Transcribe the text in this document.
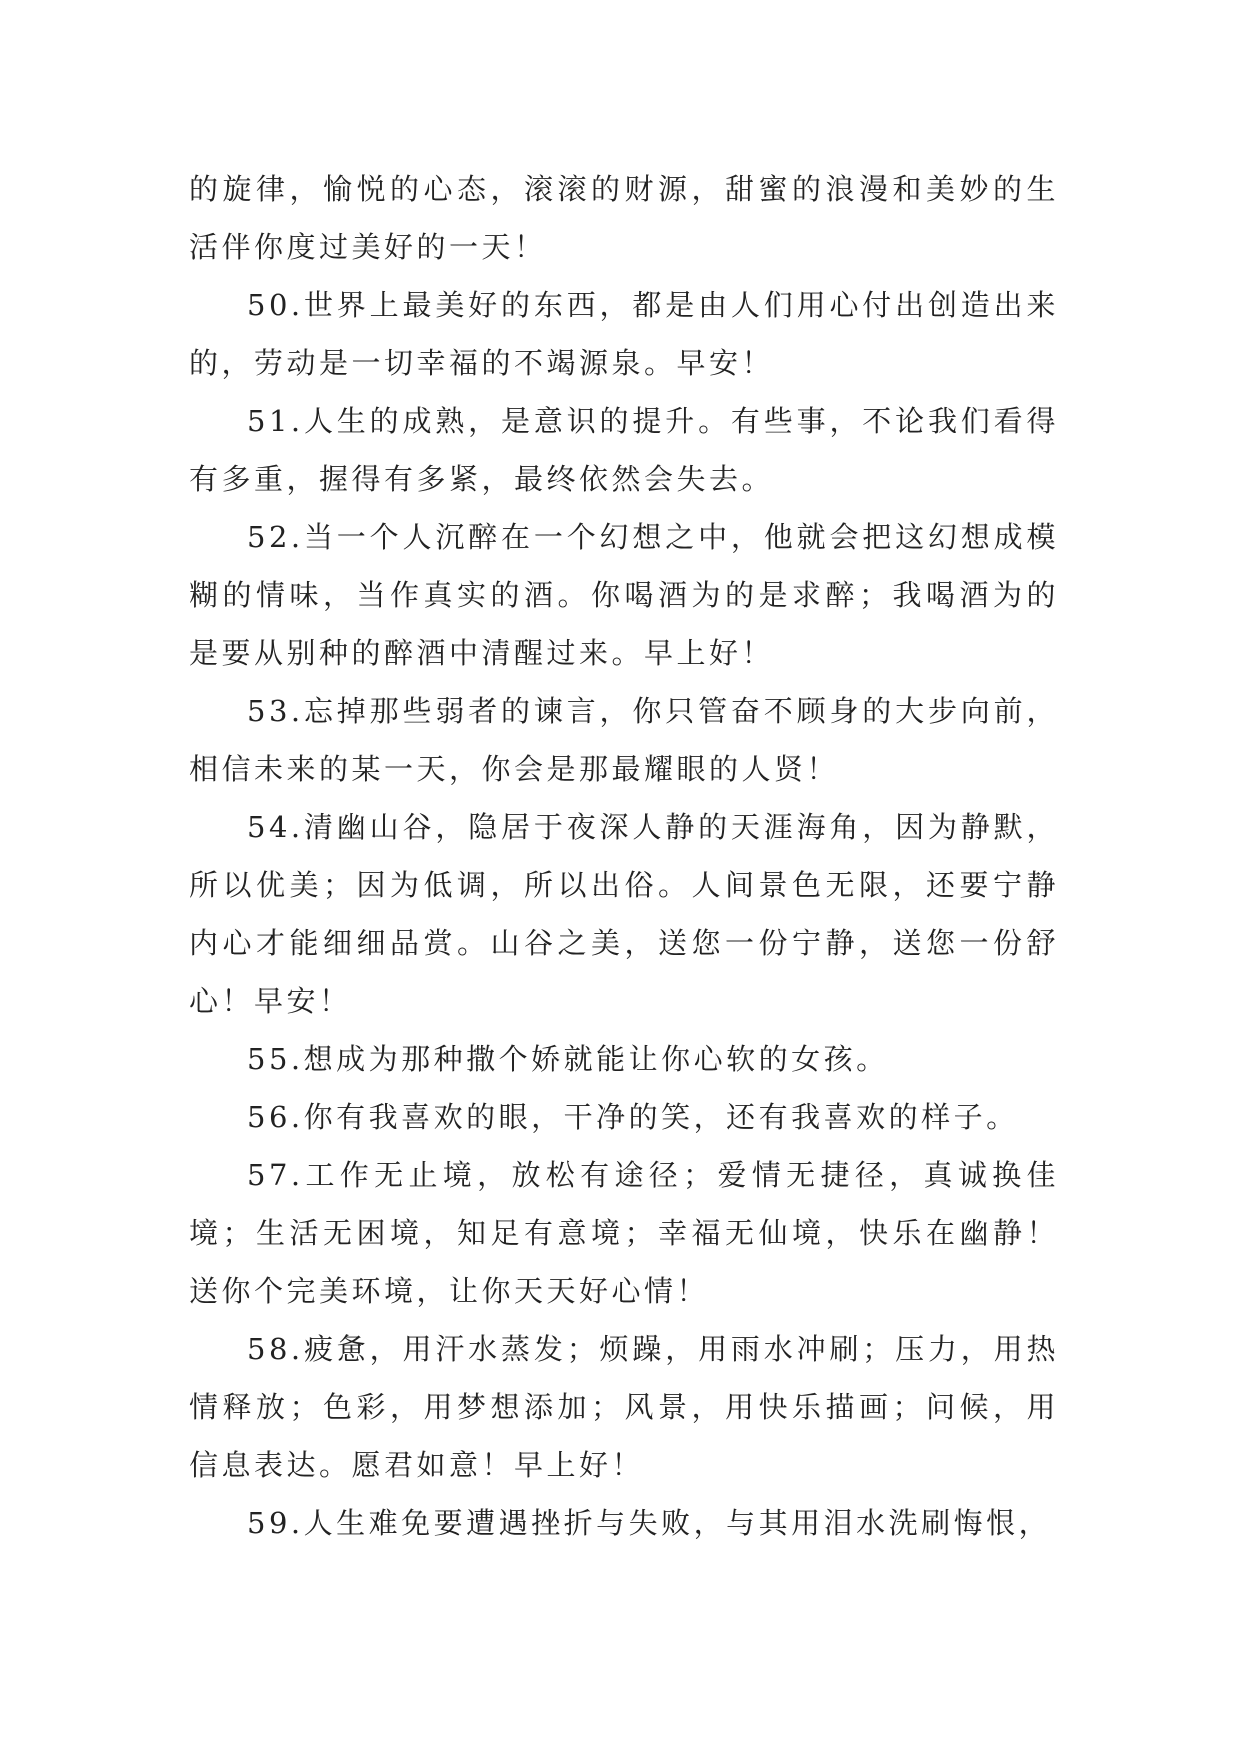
的旋律，愉悦的心态，滚滚的财源，甜蜜的浪漫和美妙的生活伴你度过美好的一天！

50.世界上最美好的东西，都是由人们用心付出创造出来的，劳动是一切幸福的不竭源泉。早安！

51.人生的成熟，是意识的提升。有些事，不论我们看得有多重，握得有多紧，最终依然会失去。

52.当一个人沉醉在一个幻想之中，他就会把这幻想成模糊的情味，当作真实的酒。你喝酒为的是求醉；我喝酒为的是要从别种的醉酒中清醒过来。早上好！

53.忘掉那些弱者的谏言，你只管奋不顾身的大步向前，相信未来的某一天，你会是那最耀眼的人贤！

54.清幽山谷，隐居于夜深人静的天涯海角，因为静默，所以优美；因为低调，所以出俗。人间景色无限，还要宁静内心才能细细品赏。山谷之美，送您一份宁静，送您一份舒心！早安！

55.想成为那种撒个娇就能让你心软的女孩。

56.你有我喜欢的眼，干净的笑，还有我喜欢的样子。

57.工作无止境，放松有途径；爱情无捷径，真诚换佳境；生活无困境，知足有意境；幸福无仙境，快乐在幽静！送你个完美环境，让你天天好心情！

58.疲惫，用汗水蒸发；烦躁，用雨水冲刷；压力，用热情释放；色彩，用梦想添加；风景，用快乐描画；问候，用信息表达。愿君如意！早上好！

59.人生难免要遭遇挫折与失败，与其用泪水洗刷悔恨，
